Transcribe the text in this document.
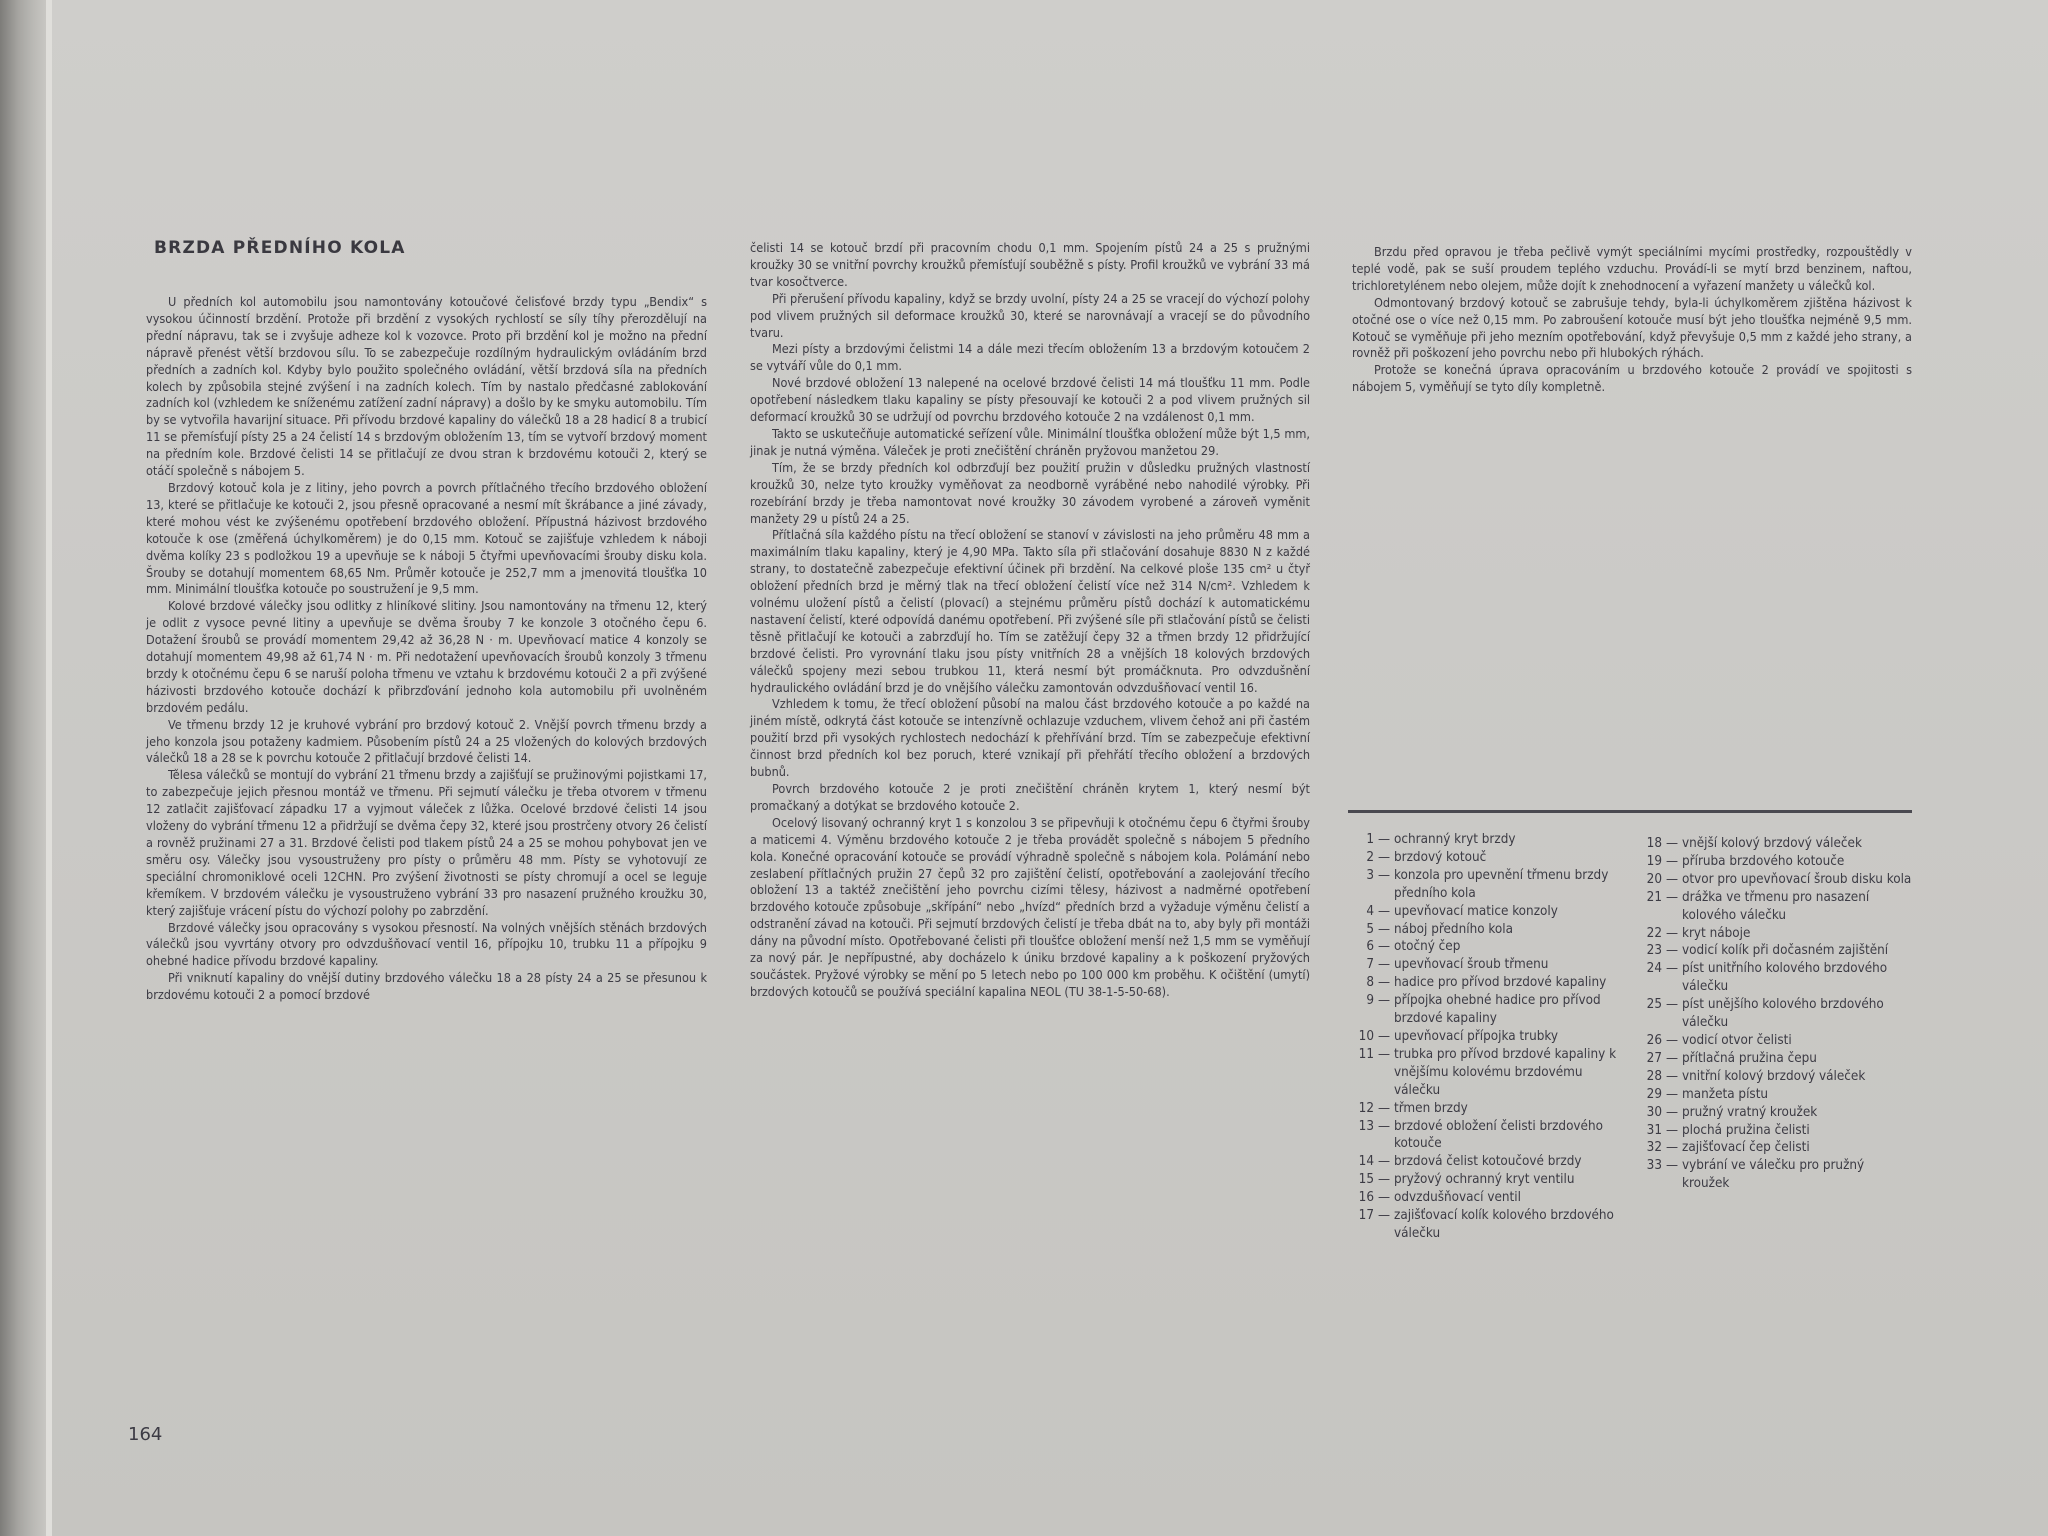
BRZDA PŘEDNÍHO KOLA

U předních kol automobilu jsou namontovány kotoučové čelisťové brzdy typu „Bendix“ s vysokou účinností brzdění. Protože při brzdění z vysokých rychlostí se síly tíhy přerozdělují na přední nápravu, tak se i zvyšuje adheze kol k vozovce. Proto při brzdění kol je možno na přední nápravě přenést větší brzdovou sílu. To se zabezpečuje rozdílným hydraulickým ovládáním brzd předních a zadních kol. Kdyby bylo použito společného ovládání, větší brzdová síla na předních kolech by způsobila stejné zvýšení i na zadních kolech. Tím by nastalo předčasné zablokování zadních kol (vzhledem ke sníženému zatížení zadní nápravy) a došlo by ke smyku automobilu. Tím by se vytvořila havarijní situace. Při přívodu brzdové kapaliny do válečků 18 a 28 hadicí 8 a trubicí 11 se přemísťují písty 25 a 24 čelistí 14 s brzdovým obložením 13, tím se vytvoří brzdový moment na předním kole. Brzdové čelisti 14 se přitlačují ze dvou stran k brzdovému kotouči 2, který se otáčí společně s nábojem 5.

Brzdový kotouč kola je z litiny, jeho povrch a povrch přítlačného třecího brzdového obložení 13, které se přitlačuje ke kotouči 2, jsou přesně opracované a nesmí mít škrábance a jiné závady, které mohou vést ke zvýšenému opotřebení brzdového obložení. Přípustná házivost brzdového kotouče k ose (změřená úchylkoměrem) je do 0,15 mm. Kotouč se zajišťuje vzhledem k náboji dvěma kolíky 23 s podložkou 19 a upevňuje se k náboji 5 čtyřmi upevňovacími šrouby disku kola. Šrouby se dotahují momentem 68,65 Nm. Průměr kotouče je 252,7 mm a jmenovitá tloušťka 10 mm. Minimální tloušťka kotouče po soustružení je 9,5 mm.

Kolové brzdové válečky jsou odlitky z hliníkové slitiny. Jsou namontovány na třmenu 12, který je odlit z vysoce pevné litiny a upevňuje se dvěma šrouby 7 ke konzole 3 otočného čepu 6. Dotažení šroubů se provádí momentem 29,42 až 36,28 N · m. Upevňovací matice 4 konzoly se dotahují momentem 49,98 až 61,74 N · m. Při nedotažení upevňovacích šroubů konzoly 3 třmenu brzdy k otočnému čepu 6 se naruší poloha třmenu ve vztahu k brzdovému kotouči 2 a při zvýšené házivosti brzdového kotouče dochází k přibrzďování jednoho kola automobilu při uvolněném brzdovém pedálu.

Ve třmenu brzdy 12 je kruhové vybrání pro brzdový kotouč 2. Vnější povrch třmenu brzdy a jeho konzola jsou potaženy kadmiem. Působením pístů 24 a 25 vložených do kolových brzdových válečků 18 a 28 se k povrchu kotouče 2 přitlačují brzdové čelisti 14.

Tělesa válečků se montují do vybrání 21 třmenu brzdy a zajišťují se pružinovými pojistkami 17, to zabezpečuje jejich přesnou montáž ve třmenu. Při sejmutí válečku je třeba otvorem v třmenu 12 zatlačit zajišťovací západku 17 a vyjmout váleček z lůžka. Ocelové brzdové čelisti 14 jsou vloženy do vybrání třmenu 12 a přidržují se dvěma čepy 32, které jsou prostrčeny otvory 26 čelistí a rovněž pružinami 27 a 31. Brzdové čelisti pod tlakem pístů 24 a 25 se mohou pohybovat jen ve směru osy. Válečky jsou vysoustruženy pro písty o průměru 48 mm. Písty se vyhotovují ze speciální chromoniklové oceli 12CHN. Pro zvýšení životnosti se písty chromují a ocel se leguje křemíkem. V brzdovém válečku je vysoustruženo vybrání 33 pro nasazení pružného kroužku 30, který zajišťuje vrácení pístu do výchozí polohy po zabrzdění.

Brzdové válečky jsou opracovány s vysokou přesností. Na volných vnějších stěnách brzdových válečků jsou vyvrtány otvory pro odvzdušňovací ventil 16, přípojku 10, trubku 11 a přípojku 9 ohebné hadice přívodu brzdové kapaliny.

Při vniknutí kapaliny do vnější dutiny brzdového válečku 18 a 28 písty 24 a 25 se přesunou k brzdovému kotouči 2 a pomocí brzdové

čelisti 14 se kotouč brzdí při pracovním chodu 0,1 mm. Spojením pístů 24 a 25 s pružnými kroužky 30 se vnitřní povrchy kroužků přemísťují souběžně s písty. Profil kroužků ve vybrání 33 má tvar kosočtverce.

Při přerušení přívodu kapaliny, když se brzdy uvolní, písty 24 a 25 se vracejí do výchozí polohy pod vlivem pružných sil deformace kroužků 30, které se narovnávají a vracejí se do původního tvaru.

Mezi písty a brzdovými čelistmi 14 a dále mezi třecím obložením 13 a brzdovým kotoučem 2 se vytváří vůle do 0,1 mm.

Nové brzdové obložení 13 nalepené na ocelové brzdové čelisti 14 má tloušťku 11 mm. Podle opotřebení následkem tlaku kapaliny se písty přesouvají ke kotouči 2 a pod vlivem pružných sil deformací kroužků 30 se udržují od povrchu brzdového kotouče 2 na vzdálenost 0,1 mm.

Takto se uskutečňuje automatické seřízení vůle. Minimální tloušťka obložení může být 1,5 mm, jinak je nutná výměna. Váleček je proti znečištění chráněn pryžovou manžetou 29.

Tím, že se brzdy předních kol odbrzďují bez použití pružin v důsledku pružných vlastností kroužků 30, nelze tyto kroužky vyměňovat za neodborně vyráběné nebo nahodilé výrobky. Při rozebírání brzdy je třeba namontovat nové kroužky 30 závodem vyrobené a zároveň vyměnit manžety 29 u pístů 24 a 25.

Přítlačná síla každého pístu na třecí obložení se stanoví v závislosti na jeho průměru 48 mm a maximálním tlaku kapaliny, který je 4,90 MPa. Takto síla při stlačování dosahuje 8830 N z každé strany, to dostatečně zabezpečuje efektivní účinek při brzdění. Na celkové ploše 135 cm² u čtyř obložení předních brzd je měrný tlak na třecí obložení čelistí více než 314 N/cm². Vzhledem k volnému uložení pístů a čelistí (plovací) a stejnému průměru pístů dochází k automatickému nastavení čelistí, které odpovídá danému opotřebení. Při zvýšené síle při stlačování pístů se čelisti těsně přitlačují ke kotouči a zabrzďují ho. Tím se zatěžují čepy 32 a třmen brzdy 12 přidržující brzdové čelisti. Pro vyrovnání tlaku jsou písty vnitřních 28 a vnějších 18 kolových brzdových válečků spojeny mezi sebou trubkou 11, která nesmí být promáčknuta. Pro odvzdušnění hydraulického ovládání brzd je do vnějšího válečku zamontován odvzdušňovací ventil 16.

Vzhledem k tomu, že třecí obložení působí na malou část brzdového kotouče a po každé na jiném místě, odkrytá část kotouče se intenzívně ochlazuje vzduchem, vlivem čehož ani při častém použití brzd při vysokých rychlostech nedochází k přehřívání brzd. Tím se zabezpečuje efektivní činnost brzd předních kol bez poruch, které vznikají při přehřátí třecího obložení a brzdových bubnů.

Povrch brzdového kotouče 2 je proti znečištění chráněn krytem 1, který nesmí být promačkaný a dotýkat se brzdového kotouče 2.

Ocelový lisovaný ochranný kryt 1 s konzolou 3 se připevňuji k otočnému čepu 6 čtyřmi šrouby a maticemi 4. Výměnu brzdového kotouče 2 je třeba provádět společně s nábojem 5 předního kola. Konečné opracování kotouče se provádí výhradně společně s nábojem kola. Polámání nebo zeslabení přítlačných pružin 27 čepů 32 pro zajištění čelistí, opotřebování a zaolejování třecího obložení 13 a taktéž znečištění jeho povrchu cizími tělesy, házivost a nadměrné opotřebení brzdového kotouče způsobuje „skřípání“ nebo „hvízd“ předních brzd a vyžaduje výměnu čelistí a odstranění závad na kotouči. Při sejmutí brzdových čelistí je třeba dbát na to, aby byly při montáži dány na původní místo. Opotřebované čelisti při tloušťce obložení menší než 1,5 mm se vyměňují za nový pár. Je nepřípustné, aby docházelo k úniku brzdové kapaliny a k poškození pryžových součástek. Pryžové výrobky se mění po 5 letech nebo po 100 000 km proběhu. K očištění (umytí) brzdových kotoučů se používá speciální kapalina NEOL (TU 38-1-5-50-68).

Brzdu před opravou je třeba pečlivě vymýt speciálními mycími prostředky, rozpouštědly v teplé vodě, pak se suší proudem teplého vzduchu. Provádí-li se mytí brzd benzinem, naftou, trichloretylénem nebo olejem, může dojít k znehodnocení a vyřazení manžety u válečků kol.

Odmontovaný brzdový kotouč se zabrušuje tehdy, byla-li úchylkoměrem zjištěna házivost k otočné ose o více než 0,15 mm. Po zabroušení kotouče musí být jeho tloušťka nejméně 9,5 mm. Kotouč se vyměňuje při jeho mezním opotřebování, když převyšuje 0,5 mm z každé jeho strany, a rovněž při poškození jeho povrchu nebo při hlubokých rýhách.

Protože se konečná úprava opracováním u brzdového kotouče 2 provádí ve spojitosti s nábojem 5, vyměňují se tyto díly kompletně.

1 — ochranný kryt brzdy
2 — brzdový kotouč
3 — konzola pro upevnění třmenu brzdy předního kola
4 — upevňovací matice konzoly
5 — náboj předního kola
6 — otočný čep
7 — upevňovací šroub třmenu
8 — hadice pro přívod brzdové kapaliny
9 — přípojka ohebné hadice pro přívod brzdové kapaliny
10 — upevňovací přípojka trubky
11 — trubka pro přívod brzdové kapaliny k vnějšímu kolovému brzdovému válečku
12 — třmen brzdy
13 — brzdové obložení čelisti brzdového kotouče
14 — brzdová čelist kotoučové brzdy
15 — pryžový ochranný kryt ventilu
16 — odvzdušňovací ventil
17 — zajišťovací kolík kolového brzdového válečku
18 — vnější kolový brzdový váleček
19 — příruba brzdového kotouče
20 — otvor pro upevňovací šroub disku kola
21 — drážka ve třmenu pro nasazení kolového válečku
22 — kryt náboje
23 — vodicí kolík při dočasném zajištění
24 — píst unitřního kolového brzdového válečku
25 — píst unějšího kolového brzdového válečku
26 — vodicí otvor čelisti
27 — přítlačná pružina čepu
28 — vnitřní kolový brzdový váleček
29 — manžeta pístu
30 — pružný vratný kroužek
31 — plochá pružina čelisti
32 — zajišťovací čep čelisti
33 — vybrání ve válečku pro pružný kroužek
164
